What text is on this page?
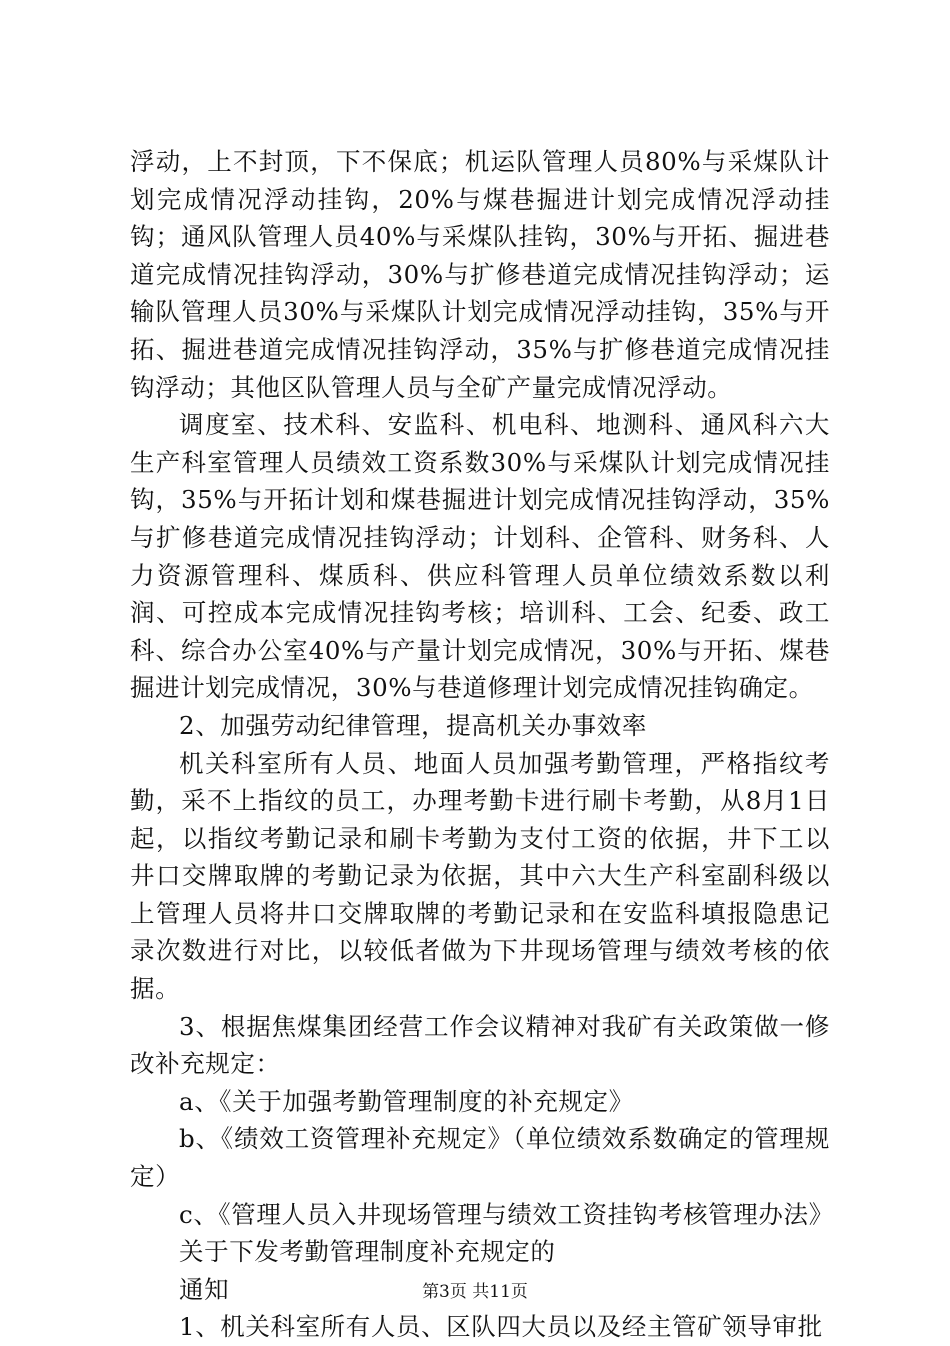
浮动，上不封顶，下不保底；机运队管理人员80%与采煤队计划完成情况浮动挂钩，20%与煤巷掘进计划完成情况浮动挂钩；通风队管理人员40%与采煤队挂钩，30%与开拓、掘进巷道完成情况挂钩浮动，30%与扩修巷道完成情况挂钩浮动；运输队管理人员30%与采煤队计划完成情况浮动挂钩，35%与开拓、掘进巷道完成情况挂钩浮动，35%与扩修巷道完成情况挂钩浮动；其他区队管理人员与全矿产量完成情况浮动。

调度室、技术科、安监科、机电科、地测科、通风科六大生产科室管理人员绩效工资系数30%与采煤队计划完成情况挂钩，35%与开拓计划和煤巷掘进计划完成情况挂钩浮动，35%与扩修巷道完成情况挂钩浮动；计划科、企管科、财务科、人力资源管理科、煤质科、供应科管理人员单位绩效系数以利润、可控成本完成情况挂钩考核；培训科、工会、纪委、政工科、综合办公室40%与产量计划完成情况，30%与开拓、煤巷掘进计划完成情况，30%与巷道修理计划完成情况挂钩确定。

2、加强劳动纪律管理，提高机关办事效率

机关科室所有人员、地面人员加强考勤管理，严格指纹考勤，采不上指纹的员工，办理考勤卡进行刷卡考勤，从8月1日起，以指纹考勤记录和刷卡考勤为支付工资的依据，井下工以井口交牌取牌的考勤记录为依据，其中六大生产科室副科级以上管理人员将井口交牌取牌的考勤记录和在安监科填报隐患记录次数进行对比，以较低者做为下井现场管理与绩效考核的依据。

3、根据焦煤集团经营工作会议精神对我矿有关政策做一修改补充规定：

a、《关于加强考勤管理制度的补充规定》

b、《绩效工资管理补充规定》（单位绩效系数确定的管理规定）

c、《管理人员入井现场管理与绩效工资挂钩考核管理办法》

关于下发考勤管理制度补充规定的

通知

1、机关科室所有人员、区队四大员以及经主管矿领导审批

第3页 共11页
